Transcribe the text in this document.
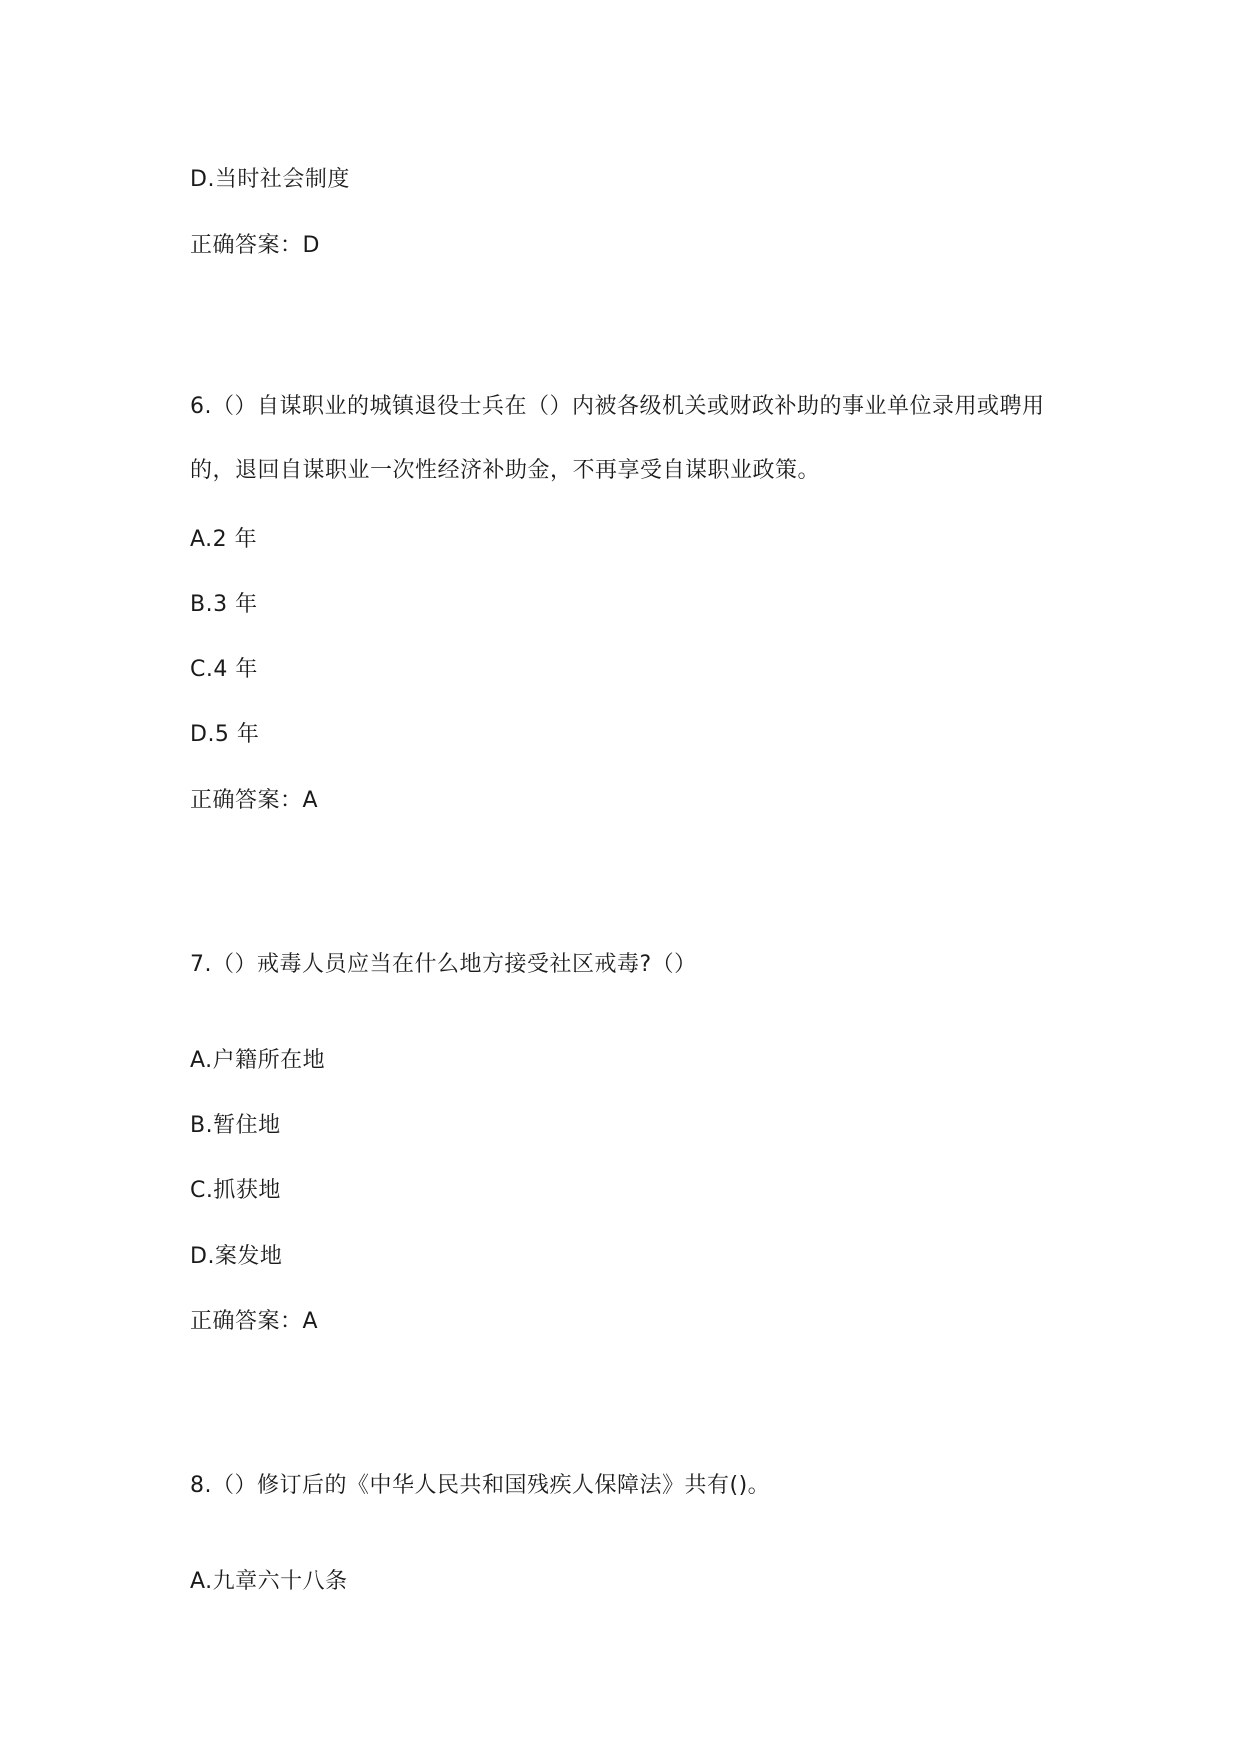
D.当时社会制度
正确答案：D
6.（）自谋职业的城镇退役士兵在（）内被各级机关或财政补助的事业单位录用或聘用的，退回自谋职业一次性经济补助金，不再享受自谋职业政策。
A.2 年
B.3 年
C.4 年
D.5 年
正确答案：A
7.（）戒毒人员应当在什么地方接受社区戒毒?（）
A.户籍所在地
B.暂住地
C.抓获地
D.案发地
正确答案：A
8.（）修订后的《中华人民共和国残疾人保障法》共有()。
A.九章六十八条
